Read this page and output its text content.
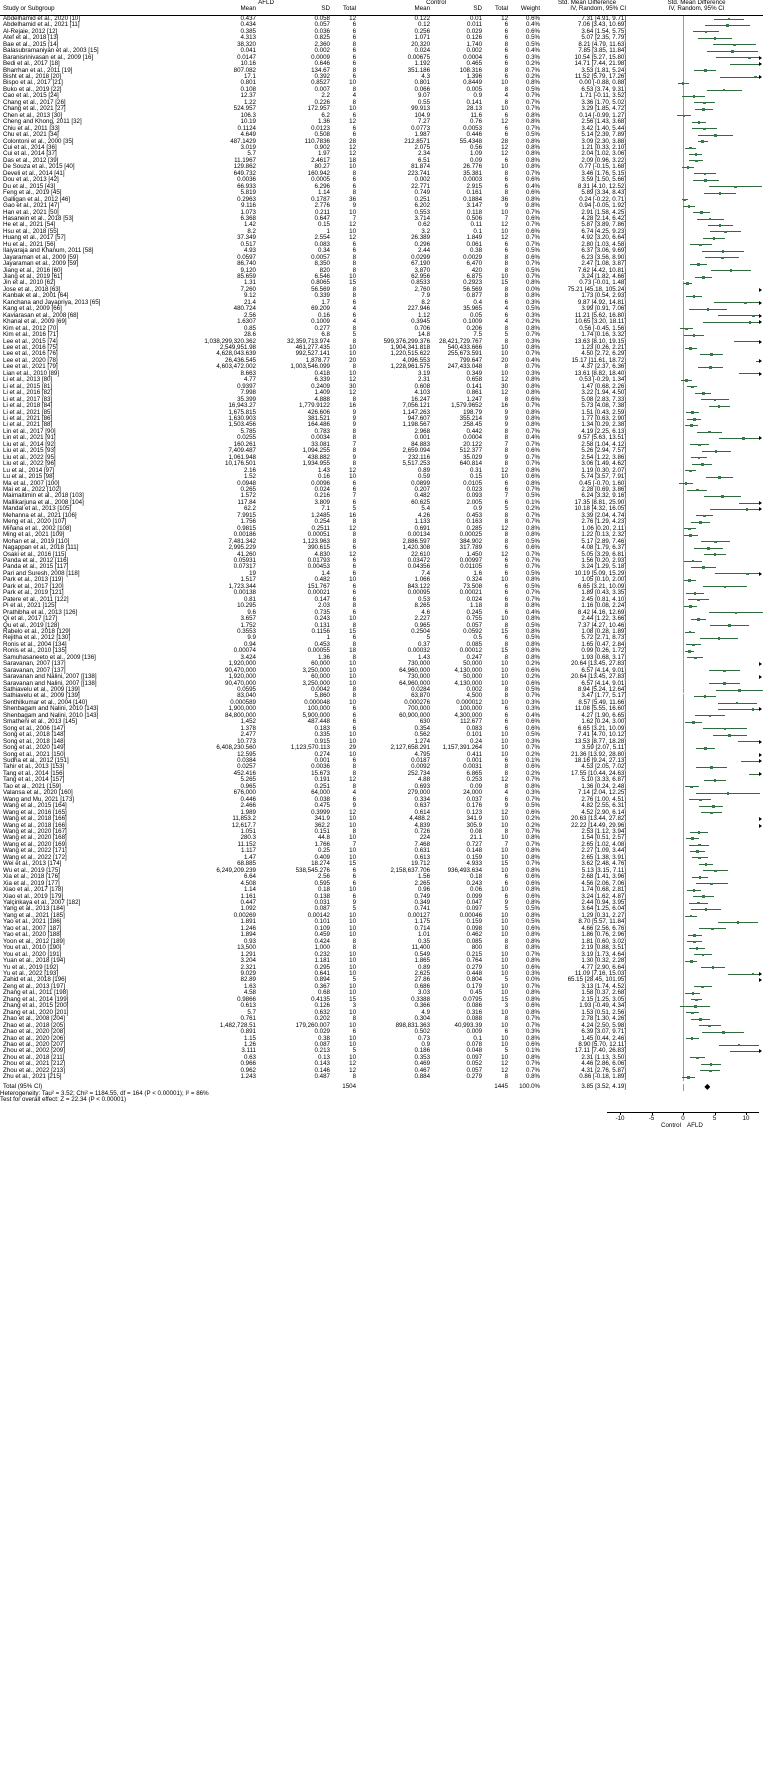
	AFLD			Control				Std. Mean Difference	Std. Mean Difference
Study or Subgroup	Mean	SD	Total	Mean	SD	Total	Weight	IV, Random, 95% CI	IV, Random, 95% CI

Abdelhamid et al., 2020 [10]	0.437	0.058	12	0.122	0.01	12	0.6%	7.31 [4.91, 9.71]	

Abdelhamid et al., 2021 [11]	0.434	0.057	6	0.12	0.011	6	0.4%	7.06 [3.43, 10.69]	

Al-Rejaie, 2012 [12]	0.385	0.036	6	0.256	0.029	6	0.6%	3.64 [1.54, 5.75]	

Atef et al., 2018 [13]	4.313	0.825	6	1.071	0.126	6	0.5%	5.07 [2.35, 7.79]	

Bae et al., 2015 [14]	38,320	2,360	8	20,320	1,740	8	0.5%	8.21 [4.79, 11.63]	

Balasubramaniyan et al., 2003 [15]	0.041	0.002	6	0.024	0.002	6	0.4%	7.85 [3.85, 11.84]	

Baranisrinivasan et al., 2009 [16]	0.0147	0.0009	6	0.00675	0.0004	6	0.3%	10.54 [5.27, 15.80]	

Bedi et al., 2017 [18]	10.16	0.646	6	1.192	0.465	6	0.2%	14.71 [7.44, 21.98]	

Bharrhan et al., 2011 [19]	807.082	134.67	8	351.186	108.316	8	0.7%	3.53 [1.81, 5.24]	

Bisht et al., 2018 [20]	17.1	0.392	6	4.3	1.396	6	0.2%	11.52 [5.79, 17.26]	

Bispo et al., 2017 [21]	0.801	0.8527	10	0.801	0.8449	10	0.8%	0.00 [-0.88, 0.88]	

Buko et al., 2019 [22]	0.108	0.007	8	0.066	0.005	8	0.5%	6.53 [3.74, 9.31]	

Cao et al., 2015 [24]	12.37	2.2	4	9.07	0.9	4	0.7%	1.71 [-0.11, 3.52]	

Chang et al., 2017 [26]	1.22	0.226	8	0.55	0.141	8	0.7%	3.36 [1.70, 5.02]	

Chang et al., 2021 [27]	524.957	172.957	10	99.913	28.13	10	0.7%	3.29 [1.85, 4.72]	

Chen et al., 2013 [30]	106.3	6.2	6	104.9	11.6	6	0.8%	0.14 [-0.99, 1.27]	

Cheng and Khong, 2011 [32]	10.19	1.36	12	7.27	0.76	12	0.8%	2.56 [1.43, 3.68]	

Chiu et al., 2011 [33]	0.1124	0.0123	6	0.0773	0.0053	6	0.7%	3.42 [1.40, 5.44]	

Chu et al., 2021 [34]	4.649	0.508	6	1.987	0.446	6	0.5%	5.14 [2.39, 7.89]	

Colontoni et al., 2000 [35]	487.1429	110.7836	28	212.8571	55.4348	28	0.8%	3.09 [2.30, 3.88]	

Cui et al., 2014 [36]	3.019	0.902	12	2.075	0.56	12	0.8%	1.21 [0.33, 2.10]	

Cui et al., 2014 [37]	5.7	1.97	12	2.34	1.09	12	0.8%	2.04 [1.02, 3.06]	

Das et al., 2012 [39]	11.1967	2.4617	18	6.51	0.09	6	0.8%	2.09 [0.96, 3.22]	

De Souza et al., 2015 [40]	129.862	80.27	10	81.874	26.776	10	0.8%	0.77 [-0.15, 1.68]	

Develi et al., 2014 [41]	649.732	160.942	8	223.741	35.381	8	0.7%	3.46 [1.76, 5.15]	

Dou et al., 2013 [42]	0.0036	0.0005	6	0.002	0.0003	6	0.6%	3.59 [1.50, 5.66]	

Du et al., 2015 [43]	66.933	6.296	6	22.771	2.915	6	0.4%	8.31 [4.10, 12.52]	

Feng et al., 2019 [45]	5.819	1.14	8	0.749	0.161	8	0.6%	5.89 [3.34, 8.43]	

Galligan et al., 2012 [46]	0.2963	0.1787	36	0.251	0.1884	36	0.8%	0.24 [-0.22, 0.71]	

Gao et al., 2021 [47]	9.116	2.776	9	6.202	3.147	9	0.8%	0.94 [-0.05, 1.92]	

Han et al., 2021 [50]	1.073	0.211	10	0.553	0.118	10	0.7%	2.91 [1.58, 4.25]	

Hasanein et al., 2018 [53]	6.368	0.647	7	3.714	0.506	7	0.6%	4.28 [2.14, 6.42]	

He et al., 2021 [54]	1.42	0.15	12	0.62	0.11	12	0.7%	5.87 [3.89, 7.86]	

Hsu et al., 2018 [55]	8.2	1	10	3.2	0.1	10	0.6%	6.74 [4.25, 9.23]	

Huang et al., 2017 [57]	37.349	2.554	12	26.389	1.849	12	0.7%	4.92 [3.20, 6.64]	

Hu et al., 2021 [56]	0.517	0.083	6	0.296	0.061	6	0.7%	2.80 [1.03, 4.58]	

Ilaiyaraja and Khanum, 2011 [58]	4.93	0.34	6	2.44	0.38	6	0.5%	6.37 [3.06, 9.69]	

Jayaraman et al., 2009 [59]	0.0597	0.0057	8	0.0299	0.0029	8	0.6%	6.23 [3.56, 8.90]	

Jayaraman et al., 2009 [59]	86,740	8,350	8	67,190	6,470	8	0.7%	2.47 [1.08, 3.87]	

Jiang et al., 2016 [60]	9,120	820	8	3,870	420	8	0.5%	7.62 [4.42, 10.81]	

Jiang et al., 2019 [61]	85.659	6.546	10	62.956	6.875	10	0.7%	3.24 [1.82, 4.66]	

Jin et al., 2010 [62]	1.31	0.8065	15	0.8533	0.2923	15	0.8%	0.73 [-0.01, 1.48]	

Jose et al., 2018 [63]	7,260	56.569	8	2,760	56.569	8	0.0%	75.21 [45.18, 105.24]	

Kanbak et al., 2001 [64]	9.12	0.339	8	7.9	0.877	8	0.8%	1.73 [0.54, 2.93]	

Kanchana and Jayapriya, 2013 [65]	21.4	1.7	6	8.2	0.4	6	0.3%	9.87 [4.92, 14.81]	

Kang et al., 2009 [66]	480.724	69.209	4	227.946	35.965	4	0.5%	3.99 [0.91, 7.06]	

Kaviarasan et al., 2008 [68]	2.56	0.16	6	1.12	0.05	6	0.3%	11.21 [5.62, 16.80]	

Khanal et al., 2009 [69]	1.6307	0.1009	4	0.3945	0.1009	4	0.2%	10.65 [3.20, 18.11]	

Kim et al., 2012 [70]	0.85	0.277	8	0.706	0.206	8	0.8%	0.56 [-0.45, 1.56]	

Kim et al., 2016 [71]	28.6	6.8	5	14.8	7.5	5	0.7%	1.74 [0.16, 3.32]	

Lee et al., 2015 [74]	1,038,299,320.362	32,359,713.974	8	599,376,299.376	28,421,729.767	8	0.3%	13.63 [8.10, 19.15]	

Lee et al., 2016 [75]	2,549,951.98	461,277.435	10	1,904,341.818	540,433.666	10	0.8%	1.23 [0.26, 2.21]	

Lee et al., 2016 [76]	4,628,043.639	992,527.141	10	1,220,515.622	255,673.591	10	0.7%	4.50 [2.72, 6.29]	

Lee et al., 2020 [78]	26,436.545	1,878.77	20	4,096.553	799.647	20	0.4%	15.17 [11.61, 18.72]	

Lee et al., 2021 [79]	4,603,472.002	1,003,546.099	8	1,228,961.575	247,433.048	8	0.7%	4.37 [2.37, 6.36]	

Lian et al., 2010 [89]	8.663	0.418	10	3.19	0.349	10	0.3%	13.61 [8.82, 18.40]	

Li et al., 2013 [80]	4.77	6.339	12	2.31	0.658	12	0.8%	0.53 [-0.29, 1.34]	

Li et al., 2015 [81]	0.9397	0.2409	30	0.608	0.141	30	0.8%	1.47 [0.68, 2.26]	

Li et al., 2016 [82]	7.998	1.409	12	4.103	0.861	12	0.8%	3.22 [1.94, 4.50]	

Li et al., 2017 [83]	35.399	4.888	8	16.247	1.247	8	0.6%	5.08 [2.83, 7.33]	

Li et al., 2018 [84]	16,943.27	1,779.9122	16	7,056.121	1,579.9652	16	0.7%	5.73 [4.08, 7.38]	

Li et al., 2021 [85]	1,675.815	426.606	9	1,147.263	198.79	9	0.8%	1.51 [0.43, 2.59]	

Li et al., 2021 [86]	1,630.903	381.521	9	947.607	355.214	9	0.8%	1.77 [0.63, 2.90]	

Li et al., 2021 [88]	1,503.456	164.486	9	1,198.567	258.45	9	0.8%	1.34 [0.29, 2.38]	

Lin et al., 2017 [90]	5.785	0.783	8	2.968	0.442	8	0.7%	4.19 [2.25, 6.13]	

Lin et al., 2021 [91]	0.0255	0.0034	8	0.001	0.0004	8	0.4%	9.57 [5.63, 13.51]	

Liu et al., 2014 [92]	160.261	33.081	7	84.883	20.122	7	0.7%	2.58 [1.04, 4.12]	

Liu et al., 2015 [93]	7,409.487	1,094.255	8	2,659.094	512.377	8	0.6%	5.26 [2.94, 7.57]	

Liu et al., 2022 [95]	1,061.948	438.882	9	232.116	35.029	9	0.7%	2.54 [1.22, 3.86]	

Liu et al., 2022 [96]	10,176.501	1,934.955	8	5,517.253	640.814	8	0.7%	3.06 [1.49, 4.62]	

Lu et al., 2014 [97]	2.16	1.43	12	0.89	0.31	12	0.8%	1.19 [0.30, 2.07]	

Lu et al., 2015 [98]	1.52	0.16	10	0.59	0.15	10	0.6%	5.74 [3.57, 7.91]	

Ma et al., 2007 [100]	0.0948	0.0096	6	0.0899	0.0105	6	0.8%	0.45 [-0.70, 1.60]	

Mai et al., 2022 [102]	0.265	0.024	6	0.207	0.023	6	0.7%	2.28 [0.69, 3.86]	

Maimaitimin et al., 2018 [103]	1.572	0.216	7	0.482	0.093	7	0.5%	6.24 [3.32, 9.16]	

Mallikarjuna et al., 2008 [104]	117.84	3.809	6	60.625	2.005	6	0.1%	17.35 [8.81, 25.90]	

Mandal et al., 2013 [105]	62.2	7.1	5	5.4	0.9	5	0.2%	10.18 [4.32, 16.05]	

Mehanna et al., 2021 [106]	7.9915	1.2485	16	4.26	0.453	8	0.7%	3.39 [2.04, 4.74]	

Meng et al., 2020 [107]	1.756	0.254	8	1.133	0.163	8	0.7%	2.76 [1.29, 4.23]	

Miñana et al., 2002 [108]	0.9815	0.2511	12	0.691	0.285	12	0.8%	1.06 [0.20, 2.11]	

Ming et al., 2021 [109]	0.00186	0.00051	8	0.00134	0.00025	8	0.8%	1.22 [0.13, 2.32]	

Mohan et al., 2019 [110]	7,481.342	1,123.963	8	2,886.597	384.902	8	0.5%	5.17 [2.89, 7.46]	

Nagappan et al., 2018 [111]	2,995.229	390.615	6	1,420.308	317.789	6	0.6%	4.08 [1.79, 6.37]	

Osaki et al., 2016 [115]	41.260	4.830	12	22.610	1.450	12	0.7%	5.05 [3.29, 6.81]	

Panda et al., 2012 [116]	0.05931	0.01793	6	0.03472	0.00997	6	0.7%	1.56 [0.20, 2.93]	

Panda et al., 2015 [117]	0.07317	0.00453	6	0.04356	0.01105	6	0.7%	3.24 [1.29, 5.18]	

Pari and Suresh, 2008 [118]	19	1.4	6	7.4	1.6	6	0.5%	10.19 [5.09, 15.29]	

Park et al., 2013 [119]	1.517	0.482	10	1.066	0.324	10	0.8%	1.05 [0.10, 2.00]	

Park et al., 2017 [120]	1,723.344	151.767	6	843.122	73.508	6	0.5%	6.65 [3.21, 10.09]	

Park et al., 2019 [121]	0.00138	0.00021	6	0.00095	0.00021	6	0.7%	1.89 [0.43, 3.35]	

Patere et al., 2011 [122]	0.81	0.147	6	0.53	0.024	6	0.7%	2.45 [0.81, 4.10]	

Pi et al., 2021 [125]	10.295	2.03	8	8.265	1.18	8	0.8%	1.16 [0.08, 2.24]	

Prathibha et al., 2013 [126]	9.6	0.735	6	4.6	0.245	6	0.4%	8.42 [4.16, 12.69]	

Qi et al., 2017 [127]	3.657	0.243	10	2.227	0.755	10	0.8%	2.44 [1.22, 3.66]	

Qu et al., 2019 [128]	1.752	0.131	8	0.965	0.057	8	0.5%	7.37 [4.27, 10.46]	

Rabelo et al., 2018 [129]	0.3553	0.1156	15	0.2504	0.0592	15	0.8%	1.08 [0.28, 1.89]	

Rejitha et al., 2012 [130]	9.9	1	6	5	0.5	6	0.5%	5.72 [2.71, 8.73]	

Ronis et al., 2004 [134]	0.94	0.453	8	0.37	0.085	8	0.8%	1.65 [0.47, 2.84]	

Ronis et al., 2010 [135]	0.00074	0.00055	18	0.00032	0.00012	15	0.8%	0.99 [0.26, 1.72]	

Samuhasaneeto et al., 2009 [136]	3.424	1.36	8	1.43	0.247	8	0.8%	1.93 [0.68, 3.17]	

Saravanan, 2007 [137]	1,920,000	60,000	10	730,000	50,000	10	0.2%	20.64 [13.45, 27.83]	

Saravanan, 2007 [137]	90,470,000	3,250,000	10	64,960,000	4,130,000	10	0.6%	6.57 [4.14, 9.01]	

Saravanan and Nalini, 2007 [[138]	1,920,000	60,000	10	730,000	50,000	10	0.2%	20.64 [13.45, 27.83]	

Saravanan and Nalini, 2007 [[138]	90,470,000	3,250,000	10	64,960,000	4,130,000	10	0.6%	6.57 [4.14, 9.01]	

Sathiavelu et al., 2009 [139]	0.0595	0.0042	8	0.0284	0.002	8	0.5%	8.94 [5.24, 12.64]	

Sathiavelu et al., 2009 [139]	83,040	5,860	8	63,870	4,500	8	0.7%	3.47 [1.77, 5.17]	

Senthilkumar et al., 2004 [140]	0.000589	0.000048	10	0.000276	0.000012	10	0.3%	8.57 [5.49, 11.66]	

Shenbagam and Nalini, 2010 [143]	1,900,000	100,000	6	700,000	100,000	6	0.3%	11.08 [5.55, 16.60]	

Shenbagam and Nalini, 2010 [143]	84,800,000	5,900,000	6	60,900,000	4,300,000	6	0.4%	4.27 [1.90, 6.65]	

Smatheni et al., 2013 [145]	1,452	487.448	6	630	112.677	6	0.6%	1.62 [0.24, 3.00]	

Song et al., 2006 [147]	1.378	0.183	6	0.354	0.083	6	0.6%	6.65 [3.21, 10.09]	

Song et al., 2018 [148]	2.477	0.335	10	0.562	0.101	10	0.5%	7.41 [4.70, 10.12]	

Song et al., 2018 [148]	10.773	0.915	10	1.274	0.24	10	0.3%	13.53 [8.77, 18.28]	

Song et al., 2020 [149]	6,408,230.560	1,123,570.113	29	2,127,658.291	1,157,391.264	10	0.7%	3.59 [2.07, 5.11]	

Song et al., 2021 [150]	12.595	0.274	10	4.795	0.411	10	0.2%	21.36 [13.92, 28.80]	

Sudha et al., 2012 [151]	0.0384	0.001	6	0.0187	0.001	6	0.1%	18.16 [9.24, 27.13]	

Tahir et al., 2013 [153]	0.0257	0.0036	8	0.0092	0.0031	8	0.6%	4.53 [2.05, 7.02]	

Tang et al., 2014 [156]	452.416	15.673	8	252.734	6.865	8	0.2%	17.55 [10.44, 24.63]	

Tang et al., 2014 [157]	5.265	0.191	12	4.88	0.253	12	0.7%	5.10 [3.33, 6.87]	

Tao et al., 2021 [159]	0.965	0.251	8	0.693	0.09	8	0.8%	1.36 [0.24, 2.48]	

Valansa et al., 2020 [160]	676,000	64,000	4	279,000	24,000	4	0.3%	7.14 [2.04, 12.25]	

Wang and Mu, 2021 [173]	0.446	0.038	6	0.334	0.037	6	0.7%	2.76 [1.00, 4.51]	

Wang et al., 2015 [164]	2.466	0.475	9	0.637	0.176	9	0.5%	4.82 [2.55, 6.31]	

Wang et al., 2016 [165]	1.989	0.3999	12	0.614	0.123	12	0.6%	4.52 [2.90, 6.14]	

Wang et al., 2018 [166]	11,853.2	341.9	10	4,488.2	341.9	10	0.2%	20.63 [13.44, 27.82]	

Wang et al., 2018 [166]	12,617.7	362.2	10	4,839	305.9	10	0.2%	22.22 [14.49, 29.96]	

Wang et al., 2020 [167]	1.051	0.151	8	0.726	0.08	8	0.7%	2.53 [1.12, 3.94]	

Wang et al., 2020 [168]	280.3	44.8	10	224	21.1	10	0.8%	1.54 [0.51, 2.57]	

Wang et al., 2020 [169]	11.152	1.766	7	7.468	0.727	7	0.7%	2.65 [1.02, 4.08]	

Wang et al., 2022 [171]	1.117	0.25	10	0.631	0.148	10	0.8%	2.27 [1.09, 3.44]	

Wang et al., 2022 [172]	1.47	0.409	10	0.613	0.159	10	0.8%	2.65 [1.38, 3.91]	

Wei et al., 2013 [174]	68.885	18.274	15	19.712	4.933	15	0.7%	3.62 [2.48, 4.76]	

Wu et al., 2019 [175]	6,249,209.239	538,545.276	6	2,158,637.706	936,493.634	10	0.8%	5.13 [3.15, 7.11]	

Xia et al., 2018 [176]	6.64	2.56	6	1.56	0.18	6	0.6%	2.68 [1.41, 3.96]	

Xia et al., 2019 [177]	4.508	0.595	6	2.265	0.243	6	0.6%	4.56 [2.06, 7.06]	

Xiao et al., 2017 [178]	1.14	0.18	10	0.96	0.06	10	0.8%	1.74 [0.68, 2.81]	

Xiao et al., 2019 [179]	1.161	0.138	6	0.749	0.099	6	0.6%	3.24 [1.62, 4.87]	

Yalçinkaya et al., 2007 [182]	0.447	0.031	9	0.349	0.047	9	0.8%	2.44 [0.94, 3.95]	

Yang et al., 2013 [184]	1.092	0.087	5	0.741	0.097	5	0.5%	3.64 [1.25, 6.04]	

Yang et al., 2021 [185]	0.00269	0.00142	10	0.00127	0.00046	10	0.8%	1.29 [0.31, 2.27]	

Yao et al., 2021 [186]	1.891	0.101	10	1.175	0.159	10	0.5%	8.70 [5.57, 11.84]	

Yao et al., 2007 [187]	1.246	0.109	10	0.714	0.098	10	0.6%	4.66 [2.56, 6.76]	

Yao et al., 2020 [188]	1.894	0.459	10	1.01	0.462	10	0.8%	1.86 [0.76, 2.96]	

Yoon et al., 2012 [189]	0.93	0.424	8	0.35	0.085	8	0.8%	1.81 [0.60, 3.02]	

You et al., 2010 [190]	13,500	1,000	8	11,400	800	8	0.8%	2.19 [0.88, 3.51]	

You et al., 2020 [191]	1.291	0.232	10	0.549	0.215	10	0.7%	3.19 [1.73, 4.64]	

Yuan et al., 2018 [194]	3.204	1.181	10	1.865	0.764	10	0.8%	1.30 [0.32, 2.28]	

Yu et al., 2019 [192]	2.321	0.295	10	0.89	0.279	10	0.6%	4.77 [2.90, 6.64]	

Yu et al., 2022 [193]	9.029	0.641	10	2.625	0.448	10	0.3%	11.09 [7.16, 15.03]	

Zahid et al., 2018 [196]	82.89	0.894	5	27.86	0.804	5	0.0%	65.15 [28.45, 101.95]	

Zeng et al., 2013 [197]	1.63	0.367	10	0.686	0.179	10	0.7%	3.13 [1.74, 4.52]	

Zhang et al., 2011 [198]	4.58	0.68	10	3.03	0.45	10	0.8%	1.58 [0.37, 2.68]	

Zhang et al., 2014 [199]	0.9866	0.4135	15	0.3388	0.0795	15	0.8%	2.15 [1.25, 3.05]	

Zhang et al., 2015 [200]	0.613	0.126	3	0.366	0.086	3	0.6%	1.93 [-0.49, 4.34]	

Zhang et al., 2020 [201]	5.7	0.632	10	4.9	0.316	10	0.8%	1.53 [0.51, 2.56]	

Zhao et al., 2008 [204]	0.761	0.202	8	0.304	0.088	8	0.7%	2.78 [1.30, 4.26]	

Zhao et al., 2018 [205]	1,482,728.51	179,260.007	10	898,831.363	40,993.39	10	0.7%	4.24 [2.50, 5.98]	

Zhao et al., 2020 [208]	0.891	0.029	6	0.502	0.009	6	0.3%	6.39 [3.07, 9.71]	

Zhao et al., 2020 [206]	1.15	0.38	10	0.73	0.1	10	0.8%	1.45 [0.44, 2.46]	

Zhao et al., 2020 [207]	1.26	0.087	10	0.9	0.078	10	0.6%	8.90 [5.70, 12.11]	

Zhou et al., 2002 [209]	3.111	0.213	5	0.186	0.048	5	0.1%	17.11 [7.40, 26.83]	

Zhou et al., 2018 [211]	0.63	0.13	10	0.353	0.097	10	0.8%	2.31 [1.13, 3.50]	

Zhou et al., 2021 [212]	0.966	0.143	12	0.469	0.052	12	0.7%	4.46 [2.86, 6.06]	

Zhou et al., 2022 [213]	0.962	0.146	12	0.467	0.057	12	0.7%	4.31 [2.76, 5.87]	

Zhu et al., 2021 [215]	1.243	0.487	8	0.884	0.279	8	0.8%	0.86 [-0.18, 1.89]	

Total (95% CI)			1504			1445	100.0%	3.85 [3.52, 4.19]	

Heterogeneity: Tau² = 3.52; Chi² = 1184.55, df = 164 (P < 0.00001); I² = 86%									
Test for overall effect: Z = 22.34 (P < 0.00001)									
-10	-5	0	5	10
Control AFLD
